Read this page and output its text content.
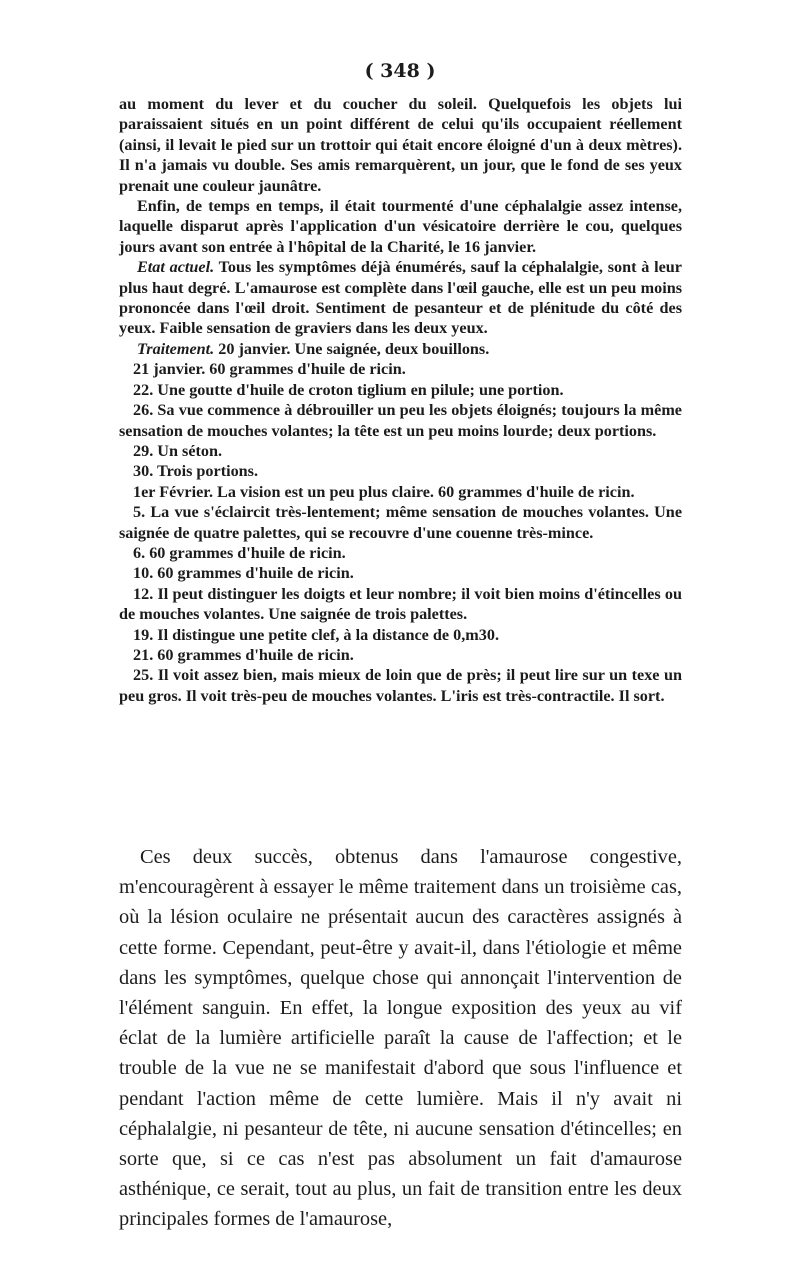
( 348 )

au moment du lever et du coucher du soleil. Quelquefois les objets lui paraissaient situés en un point différent de celui qu'ils occupaient réellement (ainsi, il levait le pied sur un trottoir qui était encore éloigné d'un à deux mètres). Il n'a jamais vu double. Ses amis remarquèrent, un jour, que le fond de ses yeux prenait une couleur jaunâtre.

Enfin, de temps en temps, il était tourmenté d'une céphalalgie assez intense, laquelle disparut après l'application d'un vésicatoire derrière le cou, quelques jours avant son entrée à l'hôpital de la Charité, le 16 janvier.

Etat actuel. Tous les symptômes déjà énumérés, sauf la céphalalgie, sont à leur plus haut degré. L'amaurose est complète dans l'œil gauche, elle est un peu moins prononcée dans l'œil droit. Sentiment de pesanteur et de plénitude du côté des yeux. Faible sensation de graviers dans les deux yeux.

Traitement. 20 janvier. Une saignée, deux bouillons.

21 janvier. 60 grammes d'huile de ricin.

22. Une goutte d'huile de croton tiglium en pilule; une portion.

26. Sa vue commence à débrouiller un peu les objets éloignés; toujours la même sensation de mouches volantes; la tête est un peu moins lourde; deux portions.

29. Un séton.

30. Trois portions.

1er Février. La vision est un peu plus claire. 60 grammes d'huile de ricin.

5. La vue s'éclaircit très-lentement; même sensation de mouches volantes. Une saignée de quatre palettes, qui se recouvre d'une couenne très-mince.

6. 60 grammes d'huile de ricin.

10. 60 grammes d'huile de ricin.

12. Il peut distinguer les doigts et leur nombre; il voit bien moins d'étincelles ou de mouches volantes. Une saignée de trois palettes.

19. Il distingue une petite clef, à la distance de 0,m30.

21. 60 grammes d'huile de ricin.

25. Il voit assez bien, mais mieux de loin que de près; il peut lire sur un texe un peu gros. Il voit très-peu de mouches volantes. L'iris est très-contractile. Il sort.

Ces deux succès, obtenus dans l'amaurose congestive, m'encouragèrent à essayer le même traitement dans un troisième cas, où la lésion oculaire ne présentait aucun des caractères assignés à cette forme. Cependant, peut-être y avait-il, dans l'étiologie et même dans les symptômes, quelque chose qui annonçait l'intervention de l'élément sanguin. En effet, la longue exposition des yeux au vif éclat de la lumière artificielle paraît la cause de l'affection; et le trouble de la vue ne se manifestait d'abord que sous l'influence et pendant l'action même de cette lumière. Mais il n'y avait ni céphalalgie, ni pesanteur de tête, ni aucune sensation d'étincelles; en sorte que, si ce cas n'est pas absolument un fait d'amaurose asthénique, ce serait, tout au plus, un fait de transition entre les deux principales formes de l'amaurose,
